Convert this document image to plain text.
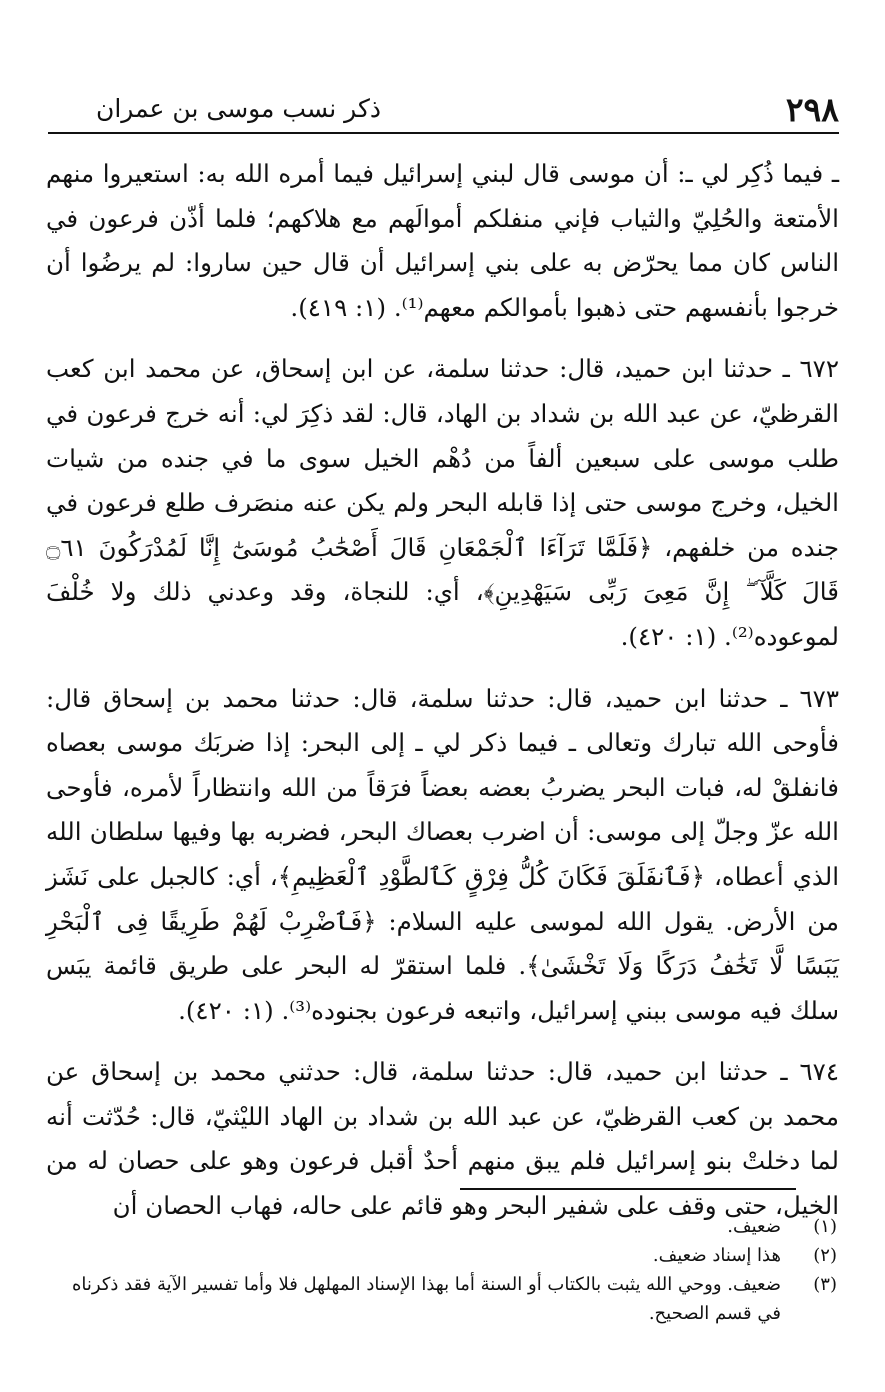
٢٩٨
ذكر نسب موسى بن عمران

ـ فيما ذُكِر لي ـ: أن موسى قال لبني إسرائيل فيما أمره الله به: استعيروا منهم الأمتعة والحُلِيّ والثياب فإني منفلكم أموالَهم مع هلاكهم؛ فلما أذّن فرعون في الناس كان مما يحرّض به على بني إسرائيل أن قال حين ساروا: لم يرضُوا أن خرجوا بأنفسهم حتى ذهبوا بأموالكم معهم⁽¹⁾. (١: ٤١٩).

٦٧٢ ـ حدثنا ابن حميد، قال: حدثنا سلمة، عن ابن إسحاق، عن محمد ابن كعب القرظيّ، عن عبد الله بن شداد بن الهاد، قال: لقد ذكِرَ لي: أنه خرج فرعون في طلب موسى على سبعين ألفاً من دُهْم الخيل سوى ما في جنده من شيات الخيل، وخرج موسى حتى إذا قابله البحر ولم يكن عنه منصَرف طلع فرعون في جنده من خلفهم، ﴿فَلَمَّا تَرَآءَا ٱلْجَمْعَانِ قَالَ أَصْحَٰبُ مُوسَىٰٓ إِنَّا لَمُدْرَكُونَ ۝٦١ قَالَ كَلَّآ ۖ إِنَّ مَعِىَ رَبِّى سَيَهْدِينِ﴾، أي: للنجاة، وقد وعدني ذلك ولا خُلْفَ لموعوده⁽²⁾. (١: ٤٢٠).

٦٧٣ ـ حدثنا ابن حميد، قال: حدثنا سلمة، قال: حدثنا محمد بن إسحاق قال: فأوحى الله تبارك وتعالى ـ فيما ذكر لي ـ إلى البحر: إذا ضربَك موسى بعصاه فانفلقْ له، فبات البحر يضربُ بعضه بعضاً فرَقاً من الله وانتظاراً لأمره، فأوحى الله عزّ وجلّ إلى موسى: أن اضرب بعصاك البحر، فضربه بها وفيها سلطان الله الذي أعطاه، ﴿فَٱنفَلَقَ فَكَانَ كُلُّ فِرْقٍ كَٱلطَّوْدِ ٱلْعَظِيمِ﴾، أي: كالجبل على نَشَز من الأرض. يقول الله لموسى عليه السلام: ﴿فَٱضْرِبْ لَهُمْ طَرِيقًا فِى ٱلْبَحْرِ يَبَسًا لَّا تَخَٰفُ دَرَكًا وَلَا تَخْشَىٰ﴾. فلما استقرّ له البحر على طريق قائمة يبَس سلك فيه موسى ببني إسرائيل، واتبعه فرعون بجنوده⁽³⁾. (١: ٤٢٠).

٦٧٤ ـ حدثنا ابن حميد، قال: حدثنا سلمة، قال: حدثني محمد بن إسحاق عن محمد بن كعب القرظيّ، عن عبد الله بن شداد بن الهاد الليْثيّ، قال: حُدّثت أنه لما دخلتْ بنو إسرائيل فلم يبق منهم أحدٌ أقبل فرعون وهو على حصان له من الخيل، حتى وقف على شفير البحر وهو قائم على حاله، فهاب الحصان أن

(١)
ضعيف.
(٢)
هذا إسناد ضعيف.
(٣)
ضعيف. ووحي الله يثبت بالكتاب أو السنة أما بهذا الإسناد المهلهل فلا وأما تفسير الآية فقد ذكرناه في قسم الصحيح.
